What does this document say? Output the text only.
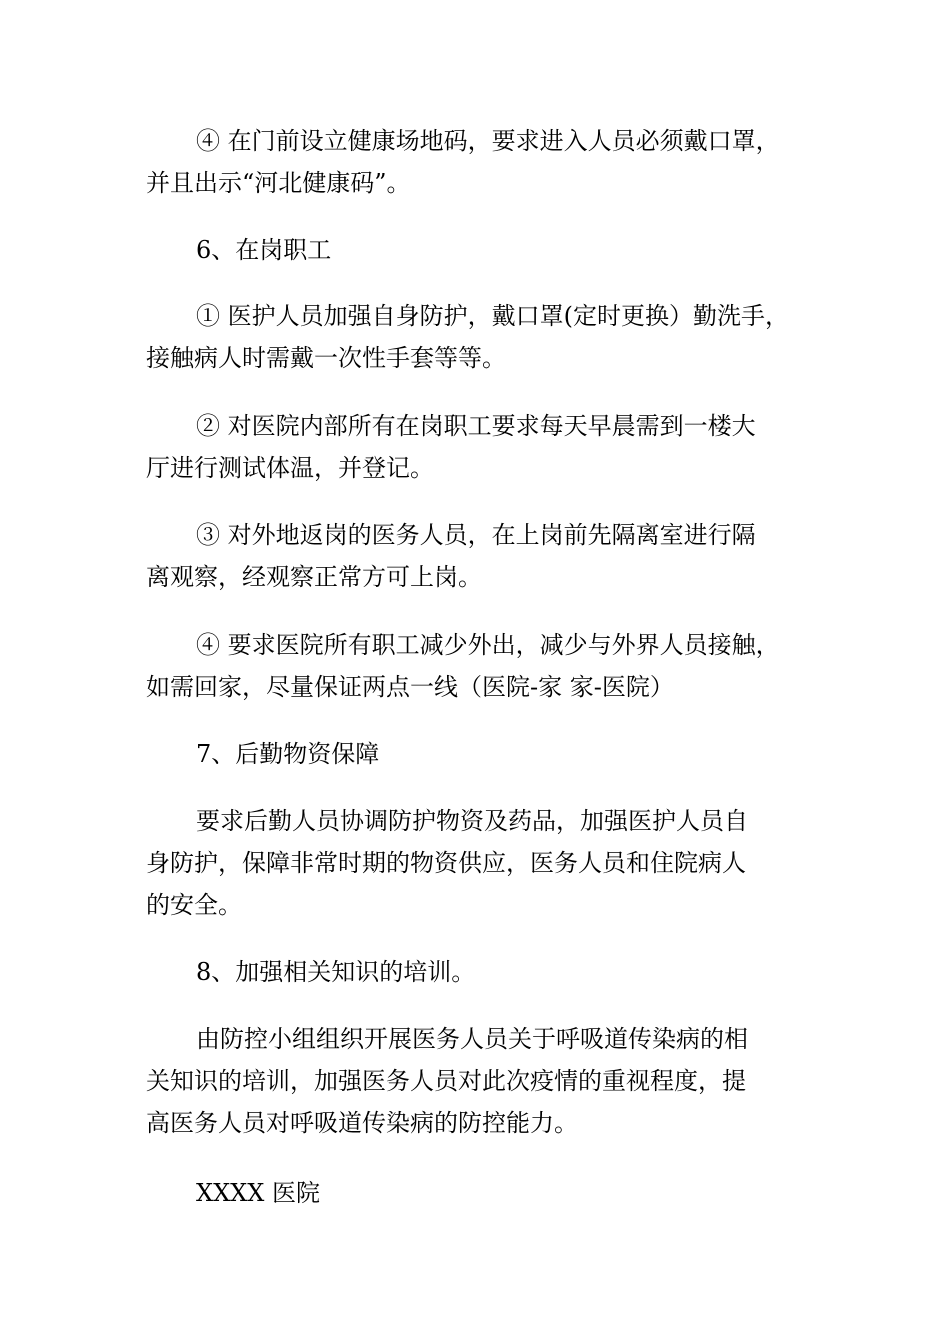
④ 在门前设立健康场地码，要求进入人员必须戴口罩，
并且出示“河北健康码”。

6、在岗职工

① 医护人员加强自身防护，戴口罩(定时更换）勤洗手，
接触病人时需戴一次性手套等等。

② 对医院内部所有在岗职工要求每天早晨需到一楼大
厅进行测试体温，并登记。

③ 对外地返岗的医务人员，在上岗前先隔离室进行隔
离观察，经观察正常方可上岗。

④ 要求医院所有职工减少外出，减少与外界人员接触，
如需回家，尽量保证两点一线（医院-家 家-医院）

7、后勤物资保障

要求后勤人员协调防护物资及药品，加强医护人员自
身防护，保障非常时期的物资供应，医务人员和住院病人
的安全。

8、加强相关知识的培训。

由防控小组组织开展医务人员关于呼吸道传染病的相
关知识的培训，加强医务人员对此次疫情的重视程度，提
高医务人员对呼吸道传染病的防控能力。

XXXX 医院
